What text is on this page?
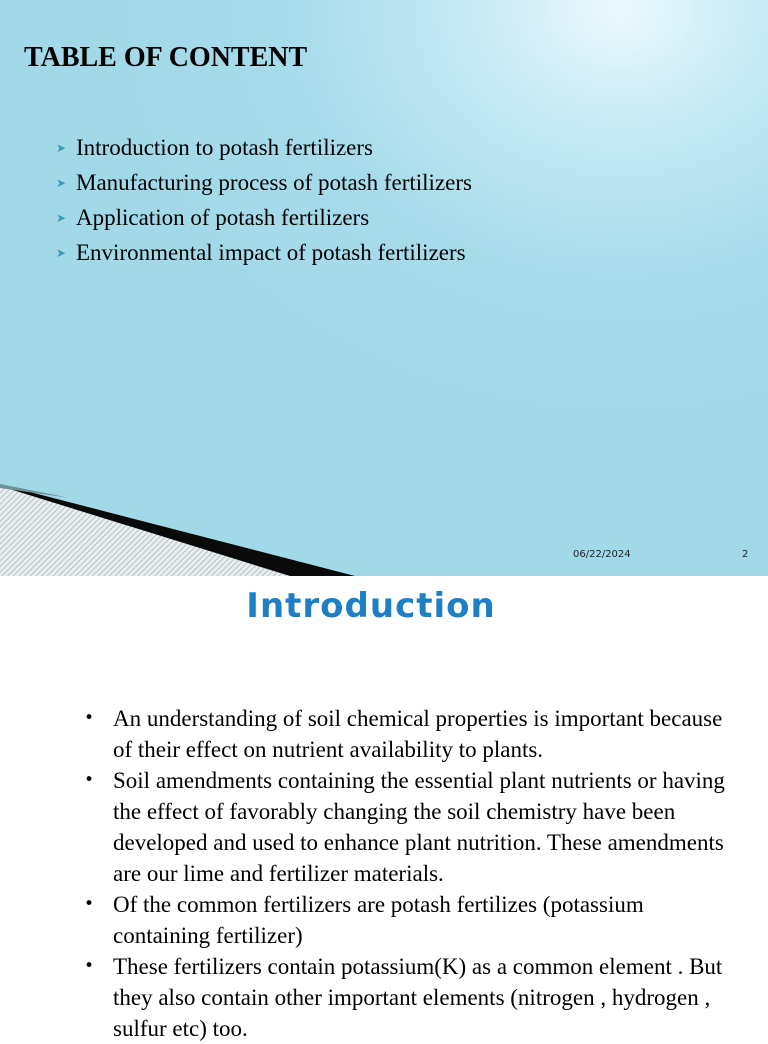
TABLE OF CONTENT
➤ Introduction to potash fertilizers
➤ Manufacturing process of potash fertilizers
➤ Application of potash fertilizers
➤ Environmental impact of potash fertilizers
06/22/2024	2
Introduction
• An understanding of soil chemical properties is important because of their effect on nutrient availability to plants.
• Soil amendments containing the essential plant nutrients or having the effect of favorably changing the soil chemistry have been developed and used to enhance plant nutrition. These amendments are our lime and fertilizer materials.
• Of the common fertilizers are potash fertilizes (potassium containing fertilizer)
• These fertilizers contain potassium(K) as a common element . But they also contain other important elements (nitrogen , hydrogen , sulfur etc) too.
